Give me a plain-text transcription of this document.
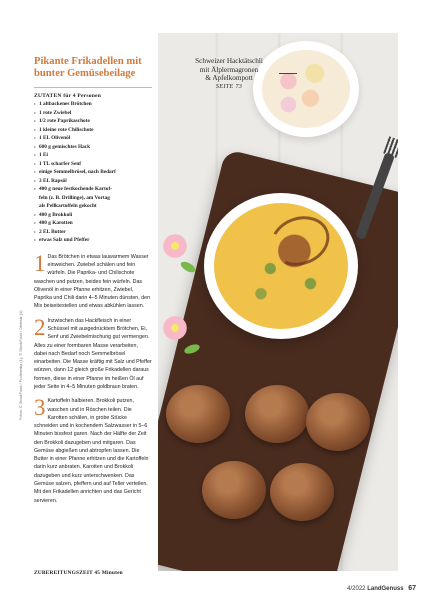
Pikante Frikadellen mit bunter Gemüsebeilage

ZUTATEN für 4 Personen

› 1 altbackenes Brötchen
› 1 rote Zwiebel
› 1/2 rote Paprikaschote
› 1 kleine rote Chilischote
› 1 EL Olivenöl
› 600 g gemischtes Hack
› 1 Ei
› 1 TL scharfer Senf
› einige Semmelbrösel, nach Bedarf
› 3 EL Rapsöl
› 400 g neue festkochende Kartof-
feln (z. B. Drillinge), am Vortag
als Pellkartoffeln gekocht
› 400 g Brokkoli
› 400 g Karotten
› 2 EL Butter
› etwas Salz und Pfeffer

1 Das Brötchen in etwas lauwarmem Wasser einweichen. Zwiebel schälen und fein würfeln. Die Paprika- und Chilischote waschen und putzen, beides fein würfeln. Das Olivenöl in einer Pfanne erhitzen, Zwiebel, Paprika und Chili darin 4–5 Minuten dünsten, den Mix beiseitestellen und etwas abkühlen lassen.

2 Inzwischen das Hackfleisch in einer Schüssel mit ausgedrücktem Brötchen, Ei, Senf und Zwiebelmischung gut vermengen. Alles zu einer formbaren Masse verarbeiten, dabei nach Bedarf noch Semmelbrösel einarbeiten. Die Masse kräftig mit Salz und Pfeffer würzen, dann 12 gleich große Frikadellen daraus formen, diese in einer Pfanne im heißen Öl auf jeder Seite in 4–5 Minuten goldbraun braten.

3 Kartoffeln halbieren. Brokkoli putzen, waschen und in Röschen teilen. Die Karotten schälen, in grobe Stücke schneiden und in kochendem Salzwasser in 5–6 Minuten bissfest garen. Nach der Hälfte der Zeit den Brokkoli dazugeben und mitgaren. Das Gemüse abgießen und abtropfen lassen. Die Butter in einer Pfanne erhitzen und die Kartoffeln darin kurz anbraten. Karotten und Brokkoli dazugeben und kurz unterschwenken. Das Gemüse salzen, pfeffern und auf Teller verteilen. Mit den Frikadellen anrichten und das Gericht servieren.

ZUBEREITUNGSZEIT 45 Minuten
Fotos: © StockFood / Profimedia (1); © StockFood / Dietmar (4)
Schweizer Hacktätschli
mit Älplermagronen
& Apfelkompott
SEITE 73
4/2022 LandGenuss 67
